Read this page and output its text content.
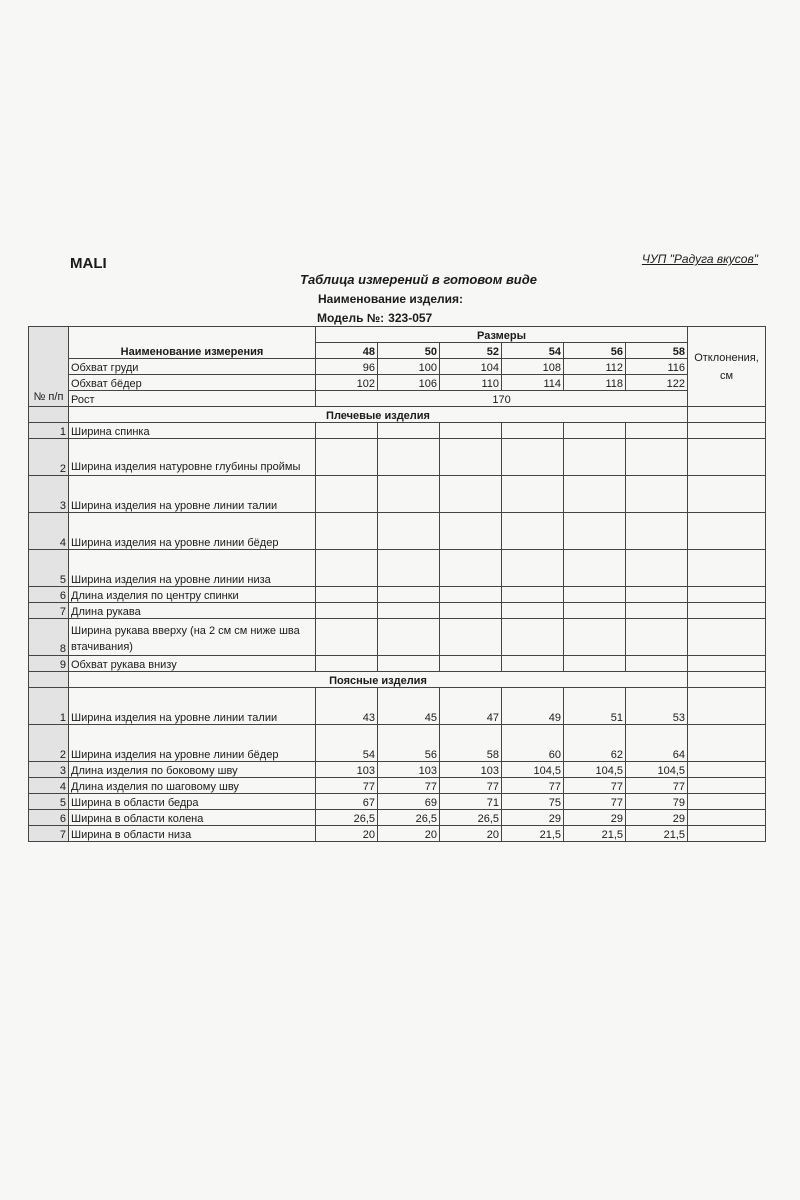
MALI	ЧУП "Радуга вкусов"
Таблица измерений в готовом виде
Наименование изделия:
Модель №: 323-057
№ п/п	Наименование измерения	Размеры						Отклонения, см
		48	50	52	54	56	58	
	Обхват груди	96	100	104	108	112	116	
	Обхват бёдер	102	106	110	114	118	122	
	Рост	170						
	Плечевые изделия							
1	Ширина спинка							
2	Ширина изделия натуровне глубины проймы							
3	Ширина изделия на уровне линии талии							
4	Ширина изделия на уровне линии бёдер							
5	Ширина изделия на уровне линии низа							
6	Длина изделия по центру спинки							
7	Длина рукава							
8	Ширина рукава вверху (на 2 см см ниже шва втачивания)							
9	Обхват рукава внизу							
	Поясные изделия							
1	Ширина изделия на уровне линии талии	43	45	47	49	51	53	
2	Ширина изделия на уровне линии бёдер	54	56	58	60	62	64	
3	Длина изделия по боковому шву	103	103	103	104,5	104,5	104,5	
4	Длина изделия по шаговому шву	77	77	77	77	77	77	
5	Ширина в области бедра	67	69	71	75	77	79	
6	Ширина в области колена	26,5	26,5	26,5	29	29	29	
7	Ширина в области низа	20	20	20	21,5	21,5	21,5	
